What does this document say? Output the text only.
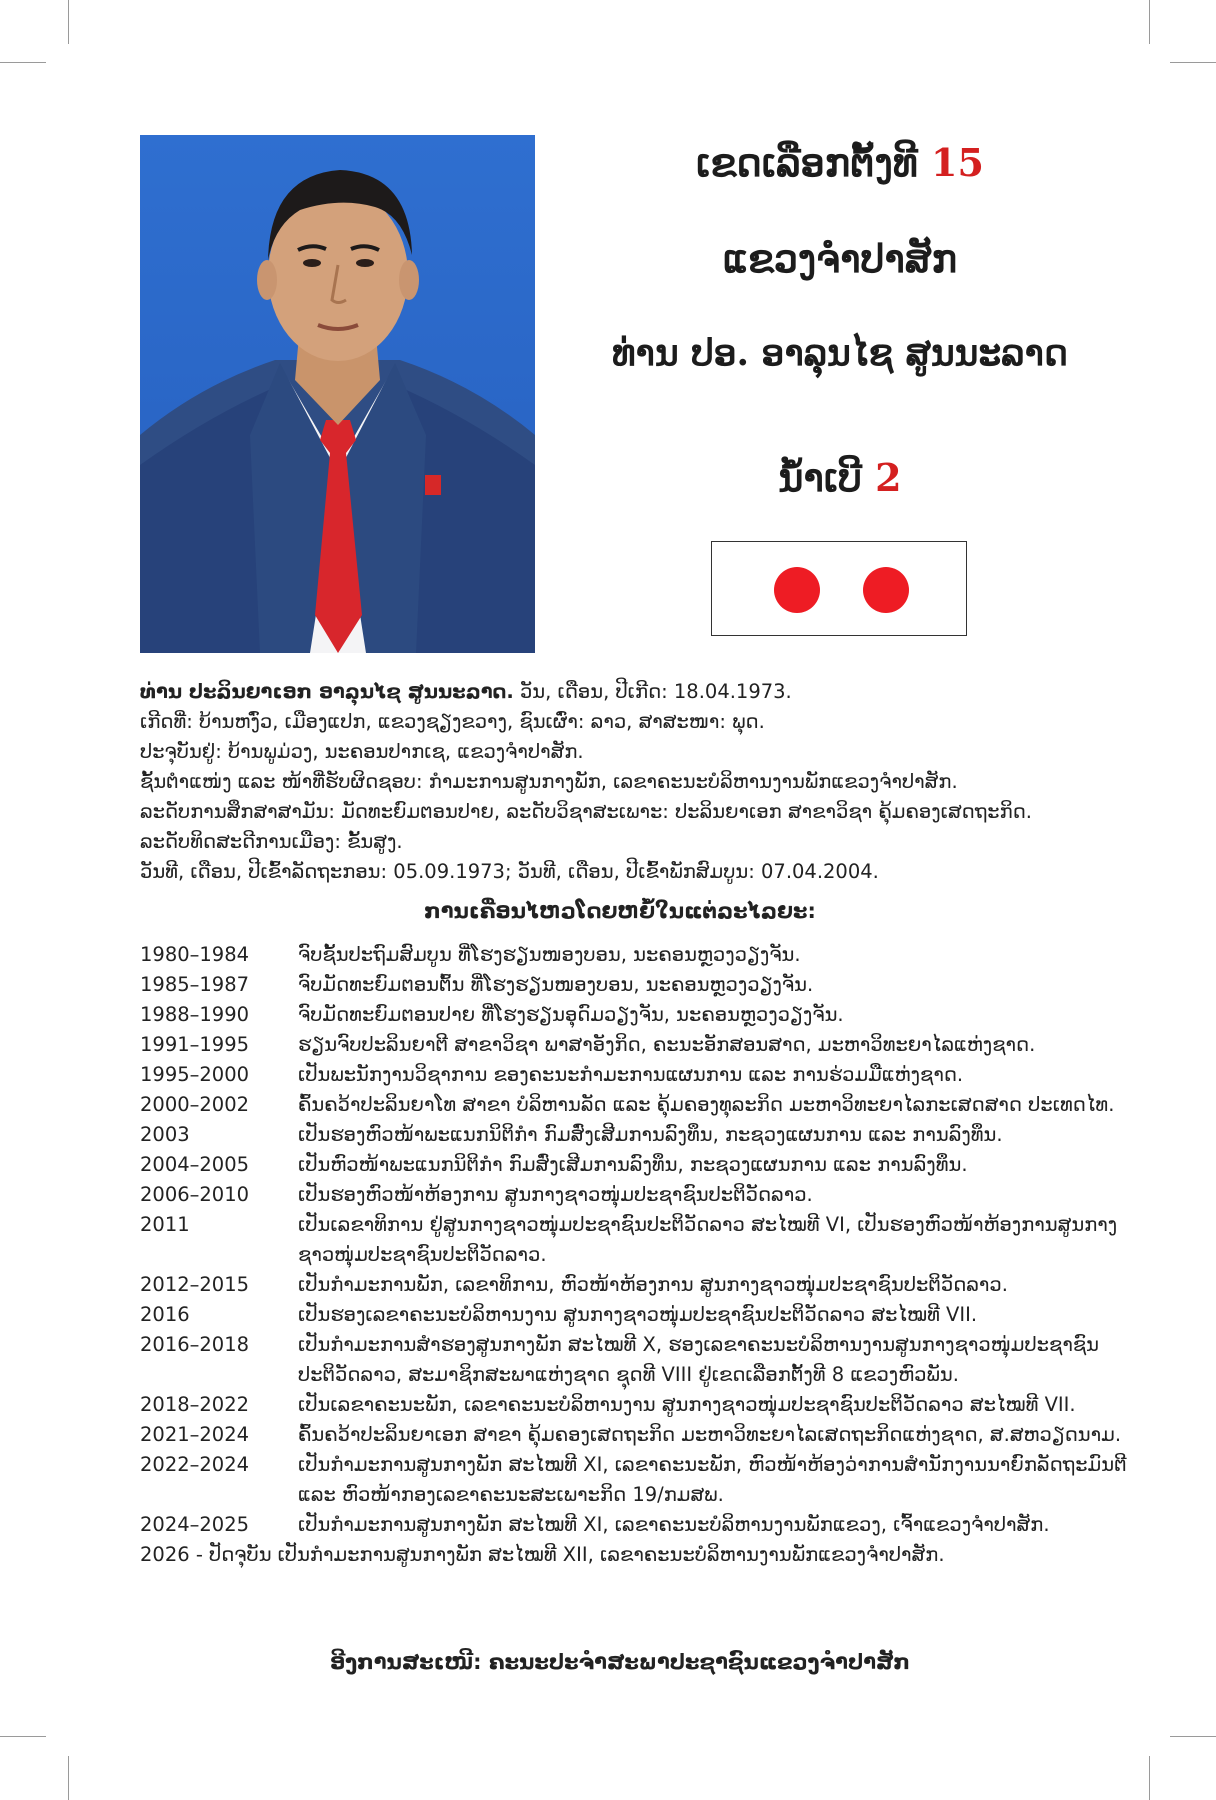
ເຂດເລືອກຕັ້ງທີ 15
ແຂວງຈຳປາສັກ
ທ່ານ ປອ. ອາລຸນໄຊ ສູນນະລາດ
ນ້ຳເບີ 2
ທ່ານ ປະລິນຍາເອກ ອາລຸນໄຊ ສູນນະລາດ. ວັນ, ເດືອນ, ປີເກີດ: 18.04.1973.
ເກີດທີ່: ບ້ານຫງົ່ວ, ເມືອງແປກ, ແຂວງຊຽງຂວາງ, ຊົນເຜົ່າ: ລາວ, ສາສະໜາ: ພຸດ.
ປະຈຸບັນຢູ່: ບ້ານພູມ່ວງ, ນະຄອນປາກເຊ, ແຂວງຈຳປາສັກ.
ຊັ້ນຕຳແໜ່ງ ແລະ ໜ້າທີ່ຮັບຜິດຊອບ: ກຳມະການສູນກາງພັກ, ເລຂາຄະນະບໍລິຫານງານພັກແຂວງຈຳປາສັກ.
ລະດັບການສຶກສາສາມັນ: ມັດທະຍົມຕອນປາຍ, ລະດັບວິຊາສະເພາະ: ປະລິນຍາເອກ ສາຂາວິຊາ ຄຸ້ມຄອງເສດຖະກິດ.
ລະດັບທິດສະດີການເມືອງ: ຂັ້ນສູງ.
ວັນທີ, ເດືອນ, ປີເຂົ້າລັດຖະກອນ: 05.09.1973; ວັນທີ, ເດືອນ, ປີເຂົ້າພັກສົມບູນ: 07.04.2004.
ການເຄື່ອນໄຫວໂດຍຫຍໍ້ໃນແຕ່ລະໄລຍະ:
1980–1984	ຈົບຊັ້ນປະຖົມສົມບູນ ທີ່ໂຮງຮຽນໜອງບອນ, ນະຄອນຫຼວງວຽງຈັນ.
1985–1987	ຈົບມັດທະຍົມຕອນຕົ້ນ ທີ່ໂຮງຮຽນໜອງບອນ, ນະຄອນຫຼວງວຽງຈັນ.
1988–1990	ຈົບມັດທະຍົມຕອນປາຍ ທີ່ໂຮງຮຽນອຸດົມວຽງຈັນ, ນະຄອນຫຼວງວຽງຈັນ.
1991–1995	ຮຽນຈົບປະລິນຍາຕີ ສາຂາວິຊາ ພາສາອັງກິດ, ຄະນະອັກສອນສາດ, ມະຫາວິທະຍາໄລແຫ່ງຊາດ.
1995–2000	ເປັນພະນັກງານວິຊາການ ຂອງຄະນະກຳມະການແຜນການ ແລະ ການຮ່ວມມືແຫ່ງຊາດ.
2000–2002	ຄົ້ນຄວ້າປະລິນຍາໂທ ສາຂາ ບໍລິຫານລັດ ແລະ ຄຸ້ມຄອງທຸລະກິດ ມະຫາວິທະຍາໄລກະເສດສາດ ປະເທດໄທ.
2003	ເປັນຮອງຫົວໜ້າພະແນກນິຕິກຳ ກົມສົ່ງເສີມການລົງທຶນ, ກະຊວງແຜນການ ແລະ ການລົງທຶນ.
2004–2005	ເປັນຫົວໜ້າພະແນກນິຕິກຳ ກົມສົ່ງເສີມການລົງທຶນ, ກະຊວງແຜນການ ແລະ ການລົງທຶນ.
2006–2010	ເປັນຮອງຫົວໜ້າຫ້ອງການ ສູນກາງຊາວໜຸ່ມປະຊາຊົນປະຕິວັດລາວ.
2011	ເປັນເລຂາທິການ ຢູ່ສູນກາງຊາວໜຸ່ມປະຊາຊົນປະຕິວັດລາວ ສະໄໝທີ VI, ເປັນຮອງຫົວໜ້າຫ້ອງການສູນກາງຊາວໜຸ່ມປະຊາຊົນປະຕິວັດລາວ.
2012–2015	ເປັນກຳມະການພັກ, ເລຂາທິການ, ຫົວໜ້າຫ້ອງການ ສູນກາງຊາວໜຸ່ມປະຊາຊົນປະຕິວັດລາວ.
2016	ເປັນຮອງເລຂາຄະນະບໍລິຫານງານ ສູນກາງຊາວໜຸ່ມປະຊາຊົນປະຕິວັດລາວ ສະໄໝທີ VII.
2016–2018	ເປັນກຳມະການສຳຮອງສູນກາງພັກ ສະໄໝທີ X, ຮອງເລຂາຄະນະບໍລິຫານງານສູນກາງຊາວໜຸ່ມປະຊາຊົນປະຕິວັດລາວ, ສະມາຊິກສະພາແຫ່ງຊາດ ຊຸດທີ VIII ຢູ່ເຂດເລືອກຕັ້ງທີ 8 ແຂວງຫົວພັນ.
2018–2022	ເປັນເລຂາຄະນະພັກ, ເລຂາຄະນະບໍລິຫານງານ ສູນກາງຊາວໜຸ່ມປະຊາຊົນປະຕິວັດລາວ ສະໄໝທີ VII.
2021–2024	ຄົ້ນຄວ້າປະລິນຍາເອກ ສາຂາ ຄຸ້ມຄອງເສດຖະກິດ ມະຫາວິທະຍາໄລເສດຖະກິດແຫ່ງຊາດ, ສ.ສຫວຽດນາມ.
2022–2024	ເປັນກຳມະການສູນກາງພັກ ສະໄໝທີ XI, ເລຂາຄະນະພັກ, ຫົວໜ້າຫ້ອງວ່າການສຳນັກງານນາຍົກລັດຖະມົນຕີ ແລະ ຫົວໜ້າກອງເລຂາຄະນະສະເພາະກິດ 19/ກມສພ.
2024–2025	ເປັນກຳມະການສູນກາງພັກ ສະໄໝທີ XI, ເລຂາຄະນະບໍລິຫານງານພັກແຂວງ, ເຈົ້າແຂວງຈຳປາສັກ.
2026 - ປັດຈຸບັນ ເປັນກຳມະການສູນກາງພັກ ສະໄໝທີ XII, ເລຂາຄະນະບໍລິຫານງານພັກແຂວງຈຳປາສັກ.
ອີງການສະເໜີ: ຄະນະປະຈຳສະພາປະຊາຊົນແຂວງຈຳປາສັກ
